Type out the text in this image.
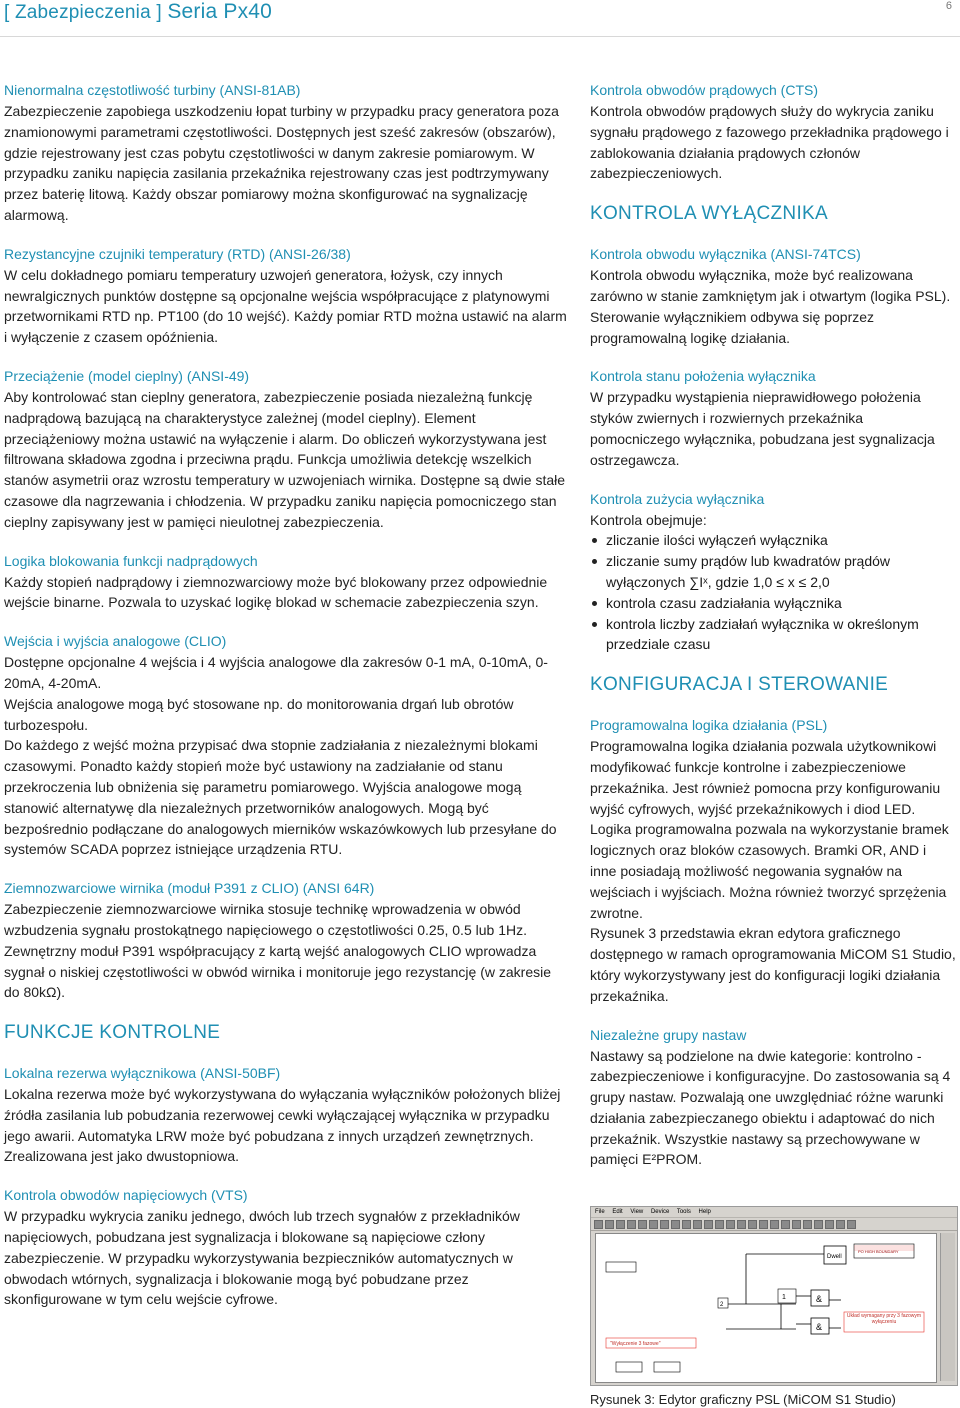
[ Zabezpieczenia ] Seria Px40	6
Nienormalna częstotliwość turbiny (ANSI-81AB)

Zabezpieczenie zapobiega uszkodzeniu łopat turbiny w przypadku pracy generatora poza znamionowymi parametrami częstotliwości. Dostępnych jest sześć zakresów (obszarów), gdzie rejestrowany jest czas pobytu częstotliwości w danym zakresie pomiarowym. W przypadku zaniku napięcia zasilania przekaźnika rejestrowany czas jest podtrzymywany przez baterię litową. Każdy obszar pomiarowy można skonfigurować na sygnalizację alarmową.

Rezystancyjne czujniki temperatury (RTD) (ANSI-26/38)

W celu dokładnego pomiaru temperatury uzwojeń generatora, łożysk, czy innych newralgicznych punktów dostępne są opcjonalne wejścia współpracujące z platynowymi przetwornikami RTD np. PT100 (do 10 wejść). Każdy pomiar RTD można ustawić na alarm i wyłączenie z czasem opóźnienia.

Przeciążenie (model cieplny) (ANSI-49)

Aby kontrolować stan cieplny generatora, zabezpieczenie posiada niezależną funkcję nadprądową bazującą na charakterystyce zależnej (model cieplny). Element przeciążeniowy można ustawić na wyłączenie i alarm. Do obliczeń wykorzystywana jest filtrowana składowa zgodna i przeciwna prądu. Funkcja umożliwia detekcję wszelkich stanów asymetrii oraz wzrostu temperatury w uzwojeniach wirnika. Dostępne są dwie stałe czasowe dla nagrzewania i chłodzenia. W przypadku zaniku napięcia pomocniczego stan cieplny zapisywany jest w pamięci nieulotnej zabezpieczenia.

Logika blokowania funkcji nadprądowych

Każdy stopień nadprądowy i ziemnozwarciowy może być blokowany przez odpowiednie wejście binarne. Pozwala to uzyskać logikę blokad w schemacie zabezpieczenia szyn.

Wejścia i wyjścia analogowe (CLIO)

Dostępne opcjonalne 4 wejścia i 4 wyjścia analogowe dla zakresów 0-1 mA, 0-10mA, 0-20mA, 4-20mA.

Wejścia analogowe mogą być stosowane np. do monitorowania drgań lub obrotów turbozespołu.

Do każdego z wejść można przypisać dwa stopnie zadziałania z niezależnymi blokami czasowymi. Ponadto każdy stopień może być ustawiony na zadziałanie od stanu przekroczenia lub obniżenia się parametru pomiarowego. Wyjścia analogowe mogą stanowić alternatywę dla niezależnych przetworników analogowych. Mogą być bezpośrednio podłączane do analogowych mierników wskazówkowych lub przesyłane do systemów SCADA poprzez istniejące urządzenia RTU.

Ziemnozwarciowe wirnika (moduł P391 z CLIO) (ANSI 64R)

Zabezpieczenie ziemnozwarciowe wirnika stosuje technikę wprowadzenia w obwód wzbudzenia sygnału prostokątnego napięciowego o częstotliwości 0.25, 0.5 lub 1Hz. Zewnętrzny moduł P391 współpracujący z kartą wejść analogowych CLIO wprowadza sygnał o niskiej częstotliwości w obwód wirnika i monitoruje jego rezystancję (w zakresie do 80kΩ).

FUNKCJE KONTROLNE
Lokalna rezerwa wyłącznikowa (ANSI-50BF)

Lokalna rezerwa może być wykorzystywana do wyłączania wyłączników położonych bliżej źródła zasilania lub pobudzania rezerwowej cewki wyłączającej wyłącznika w przypadku jego awarii. Automatyka LRW może być pobudzana z innych urządzeń zewnętrznych. Zrealizowana jest jako dwustopniowa.

Kontrola obwodów napięciowych (VTS)

W przypadku wykrycia zaniku jednego, dwóch lub trzech sygnałów z przekładników napięciowych, pobudzana jest sygnalizacja i blokowane są napięciowe człony zabezpieczenie. W przypadku wykorzystywania bezpieczników automatycznych w obwodach wtórnych, sygnalizacja i blokowanie mogą być pobudzane przez skonfigurowane w tym celu wejście cyfrowe.

Kontrola obwodów prądowych (CTS)

Kontrola obwodów prądowych służy do wykrycia zaniku sygnału prądowego z fazowego przekładnika prądowego i zablokowania działania prądowych członów zabezpieczeniowych.

KONTROLA WYŁĄCZNIKA
Kontrola obwodu wyłącznika (ANSI-74TCS)

Kontrola obwodu wyłącznika, może być realizowana zarówno w stanie zamkniętym jak i otwartym (logika PSL). Sterowanie wyłącznikiem odbywa się poprzez programowalną logikę działania.

Kontrola stanu położenia wyłącznika

W przypadku wystąpienia nieprawidłowego położenia styków zwiernych i rozwiernych przekaźnika pomocniczego wyłącznika, pobudzana jest sygnalizacja ostrzegawcza.

Kontrola zużycia wyłącznika

Kontrola obejmuje:

zliczanie ilości wyłączeń wyłącznika
zliczanie sumy prądów lub kwadratów prądów wyłączonych ∑Iˣ, gdzie 1,0 ≤ x ≤ 2,0
kontrola czasu zadziałania wyłącznika
kontrola liczby zadziałań wyłącznika w określonym przedziale czasu
KONFIGURACJA I STEROWANIE
Programowalna logika działania (PSL)

Programowalna logika działania pozwala użytkownikowi modyfikować funkcje kontrolne i zabezpieczeniowe przekaźnika. Jest również pomocna przy konfigurowaniu wyjść cyfrowych, wyjść przekaźnikowych i diod LED.

Logika programowalna pozwala na wykorzystanie bramek logicznych oraz bloków czasowych. Bramki OR, AND i inne posiadają możliwość negowania sygnałów na wejściach i wyjściach. Można również tworzyć sprzężenia zwrotne.

Rysunek 3 przedstawia ekran edytora graficznego dostępnego w ramach oprogramowania MiCOM S1 Studio, który wykorzystywany jest do konfiguracji logiki działania przekaźnika.

Niezależne grupy nastaw

Nastawy są podzielone na dwie kategorie: kontrolno - zabezpieczeniowe i konfiguracyjne. Do zastosowania są 4 grupy nastaw. Pozwalają one uwzględniać różne warunki działania zabezpieczanego obiektu i adaptować do nich przekaźnik. Wszystkie nastawy są przechowywane w pamięci E²PROM.

File Edit View Device Tools Help
Dwell
PO HIGH BOUNDARY
2
1	&
&
Układ wymagany przy 3 fazowym wyłączeniu
"Wyłączenie 3 fazowe"
Rysunek 3: Edytor graficzny PSL (MiCOM S1 Studio)
